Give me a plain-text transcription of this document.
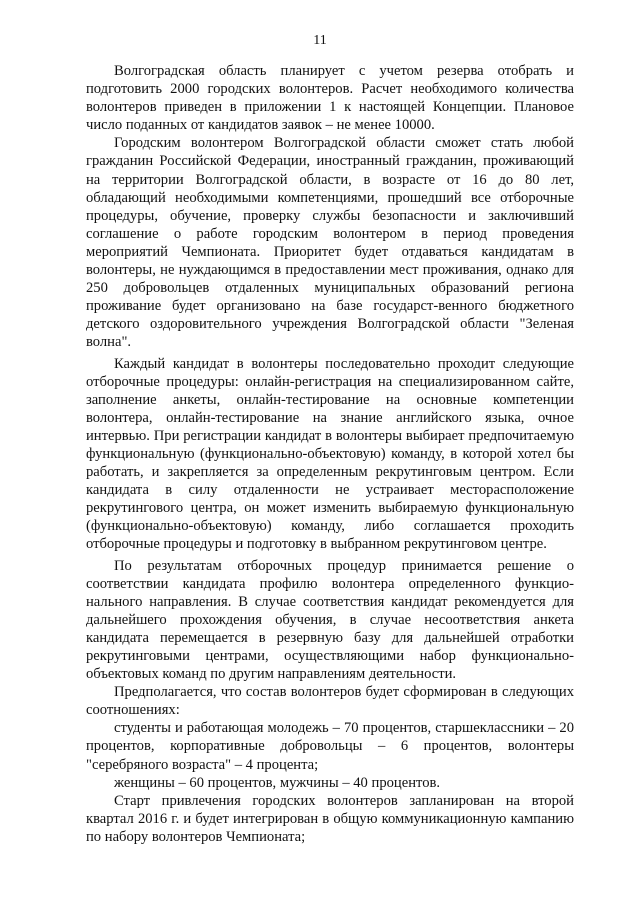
11

Волгоградская область планирует с учетом резерва отобрать и подготовить 2000 городских волонтеров. Расчет необходимого количества волонтеров приведен в приложении 1 к настоящей Концепции. Плановое число поданных от кандидатов заявок – не менее 10000.

Городским волонтером Волгоградской области сможет стать любой гражданин Российской Федерации, иностранный гражданин, проживающий на территории Волгоградской области, в возрасте от 16 до 80 лет, обладающий необходимыми компетенциями, прошедший все отборочные процедуры, обучение, проверку службы безопасности и заключивший соглашение о работе городским волонтером в период проведения мероприятий Чемпионата. Приоритет будет отдаваться кандидатам в волонтеры, не нуждающимся в предоставлении мест проживания, однако для 250 добровольцев отдаленных муниципальных образований региона проживание будет организовано на базе государст-венного бюджетного детского оздоровительного учреждения Волгоградской области "Зеленая волна".

Каждый кандидат в волонтеры последовательно проходит следующие отборочные процедуры: онлайн-регистрация на специализированном сайте, заполнение анкеты, онлайн-тестирование на основные компетенции волонтера, онлайн-тестирование на знание английского языка, очное интервью. При регистрации кандидат в волонтеры выбирает предпочитаемую функциональную (функционально-объектовую) команду, в которой хотел бы работать, и закрепляется за определенным рекрутинговым центром. Если кандидата в силу отдаленности не устраивает месторасположение рекрутингового центра, он может изменить выбираемую функциональную (функционально-объектовую) команду, либо соглашается проходить отборочные процедуры и подготовку в выбранном рекрутинговом центре.

По результатам отборочных процедур принимается решение о соответствии кандидата профилю волонтера определенного функцио-нального направления. В случае соответствия кандидат рекомендуется для дальнейшего прохождения обучения, в случае несоответствия анкета кандидата перемещается в резервную базу для дальнейшей отработки рекрутинговыми центрами, осуществляющими набор функционально-объектовых команд по другим направлениям деятельности.

Предполагается, что состав волонтеров будет сформирован в следующих соотношениях:

студенты и работающая молодежь – 70 процентов, старшеклассники – 20 процентов, корпоративные добровольцы – 6 процентов, волонтеры "серебряного возраста" – 4 процента;

женщины – 60 процентов, мужчины – 40 процентов.

Старт привлечения городских волонтеров запланирован на второй квартал 2016 г. и будет интегрирован в общую коммуникационную кампанию по набору волонтеров Чемпионата;
